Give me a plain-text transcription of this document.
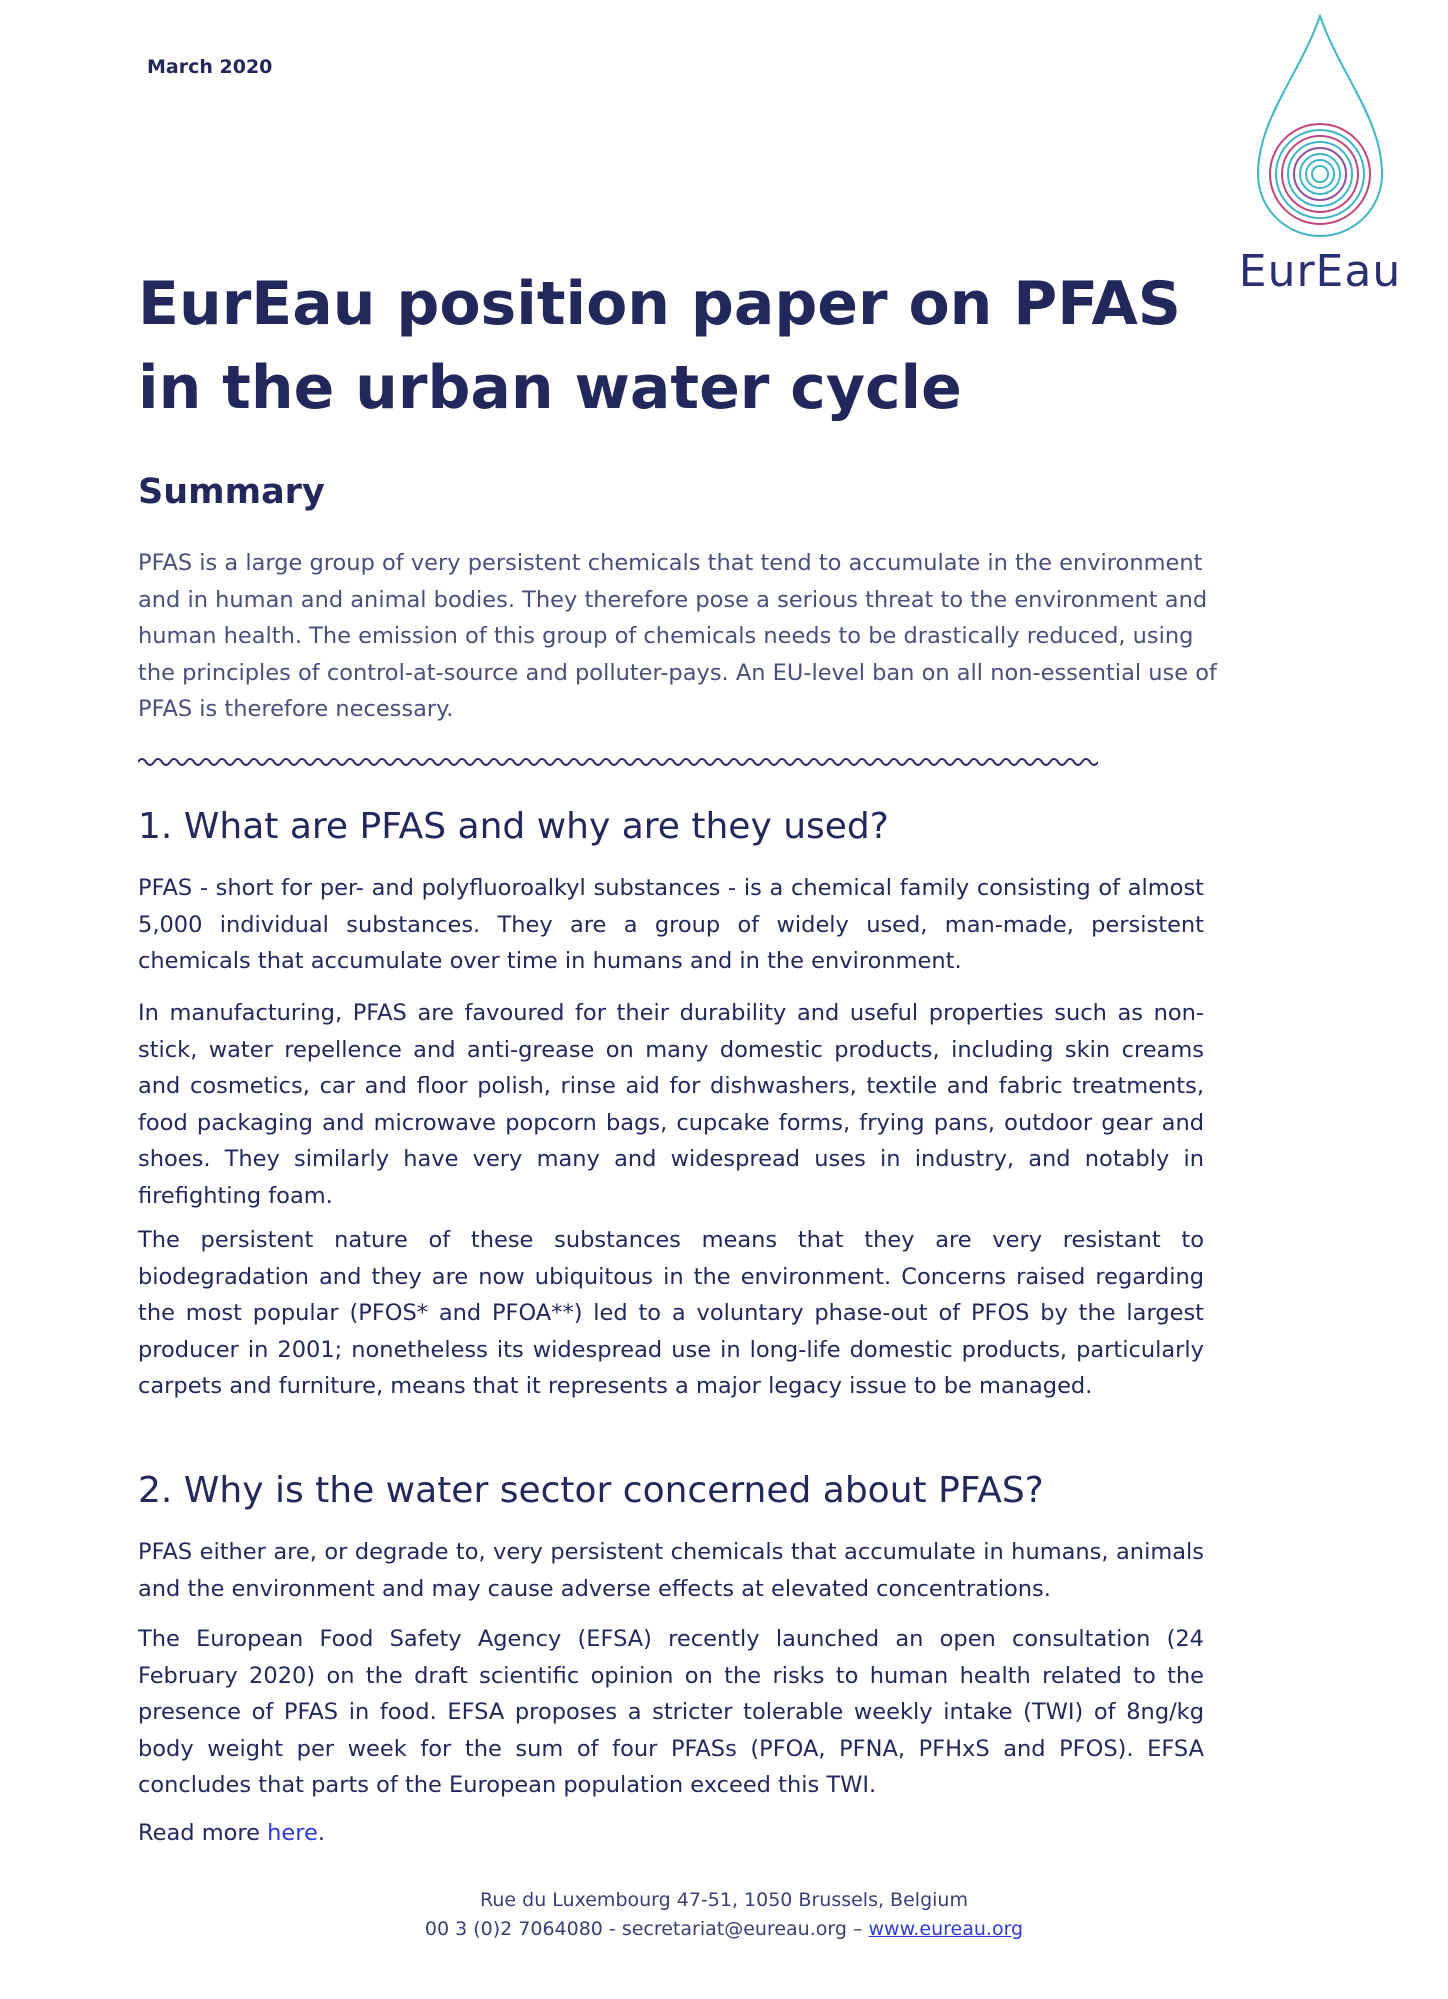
March 2020
EurEau
EurEau position paper on PFAS in the urban water cycle
Summary

PFAS is a large group of very persistent chemicals that tend to accumulate in the environment and in human and animal bodies. They therefore pose a serious threat to the environment and human health. The emission of this group of chemicals needs to be drastically reduced, using the principles of control-at-source and polluter-pays. An EU-level ban on all non-essential use of PFAS is therefore necessary.

1. What are PFAS and why are they used?

PFAS - short for per- and polyfluoroalkyl substances - is a chemical family consisting of almost 5,000 individual substances. They are a group of widely used, man-made, persistent chemicals that accumulate over time in humans and in the environment.

In manufacturing, PFAS are favoured for their durability and useful properties such as non-stick, water repellence and anti-grease on many domestic products, including skin creams and cosmetics, car and floor polish, rinse aid for dishwashers, textile and fabric treatments, food packaging and microwave popcorn bags, cupcake forms, frying pans, outdoor gear and shoes. They similarly have very many and widespread uses in industry, and notably in firefighting foam.

The persistent nature of these substances means that they are very resistant to biodegradation and they are now ubiquitous in the environment. Concerns raised regarding the most popular (PFOS* and PFOA**) led to a voluntary phase-out of PFOS by the largest producer in 2001; nonetheless its widespread use in long-life domestic products, particularly carpets and furniture, means that it represents a major legacy issue to be managed.

2. Why is the water sector concerned about PFAS?

PFAS either are, or degrade to, very persistent chemicals that accumulate in humans, animals and the environment and may cause adverse effects at elevated concentrations.

The European Food Safety Agency (EFSA) recently launched an open consultation (24 February 2020) on the draft scientific opinion on the risks to human health related to the presence of PFAS in food. EFSA proposes a stricter tolerable weekly intake (TWI) of 8ng/kg body weight per week for the sum of four PFASs (PFOA, PFNA, PFHxS and PFOS). EFSA concludes that parts of the European population exceed this TWI.

Read more here.

Rue du Luxembourg 47-51, 1050 Brussels, Belgium
00 3 (0)2 7064080 - secretariat@eureau.org – www.eureau.org
